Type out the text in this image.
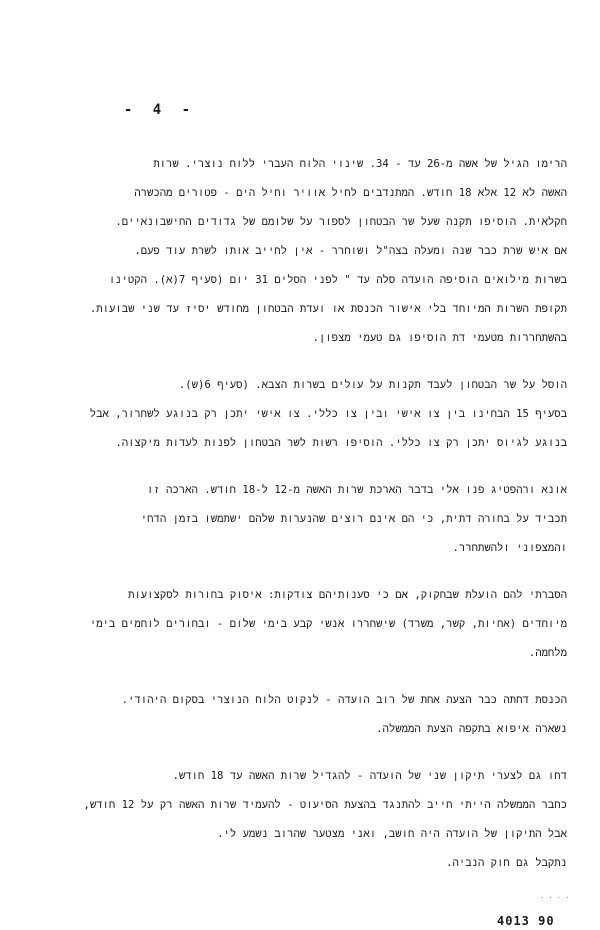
- 4 -
הרימו הגיל של אשה מ-26 עד - 34. שינוי הלוח העברי ללוח נוצרי. שרות
האשה לא 12 אלא 18 חודש. המתנדבים לחיל אוויר וחיל הים - פטורים מהכשרה
חקלאית. הוסיפו תקנה שעל שר הבטחון לספור על שלומם של גדודים החישבונאיים.
אם איש שרת כבר שנה ומעלה בצה"ל ושוחרר - אין לחייב אותו לשרת עוד פעם.
בשרות מילואים הוסיפה הועדה סלה עד " לפני הסלים 31 יום (סעיף 7(א). הקטינו
תקופת השרות המיוחד בלי אישור הכנסת או ועדת הבטחון מחודש יסיז עד שני שבועות.
בהשתחררות מטעמי דת הוסיפו גם טעמי מצפון.
הוסל על שר הבטחון לעבד תקנות על עולים בשרות הצבא. (סעיף 6(ש).
בסעיף 15 הבחינו בין צו אישי ובין צו כללי. צו אישי יתכן רק בנוגע לשחרור, אבל
בנוגע לגיוס יתכן רק צו כללי. הוסיפו רשות לשר הבטחון לפנות לעדות מיקצוה.
אונא ורהפטיג פנו אלי בדבר הארכת שרות האשה מ-12 ל-18 חודש. הארכה זו
תכביד על בחורה דתית, כי הם אינם רוצים שהנערות שלהם ישתמשו בזמן הדחי
והמצפוני ולהשתחרר.
הסברתי להם הועלת שבחקוק, אם כי סענותיהם צודקות: איסוק בחורות לסקצועות
מיוחדים (אחיות, קשר, משרד) שישחררו אנשי קבע בימי שלום - ובחורים לוחמים בימי
מלחמה.
הכנסת דחתה כבר הצעה אחת של רוב הועדה - לנקוט הלוח הנוצרי בסקום היהודי.
נשארה איפוא בתקפה הצעת הממשלה.
דחו גם לצערי תיקון שני של הועדה - להגדיל שרות האשה עד 18 חודש.
כחבר הממשלה הייתי חייב להתנגד בהצעת הסיעוט - להעמיד שרות האשה רק על 12 חודש,
אבל התיקון של הועדה היה חושב, ואני מצטער שהרוב נשמע לי.
נתקבל גם חוק הנביה.
· · · ·
4013 90
